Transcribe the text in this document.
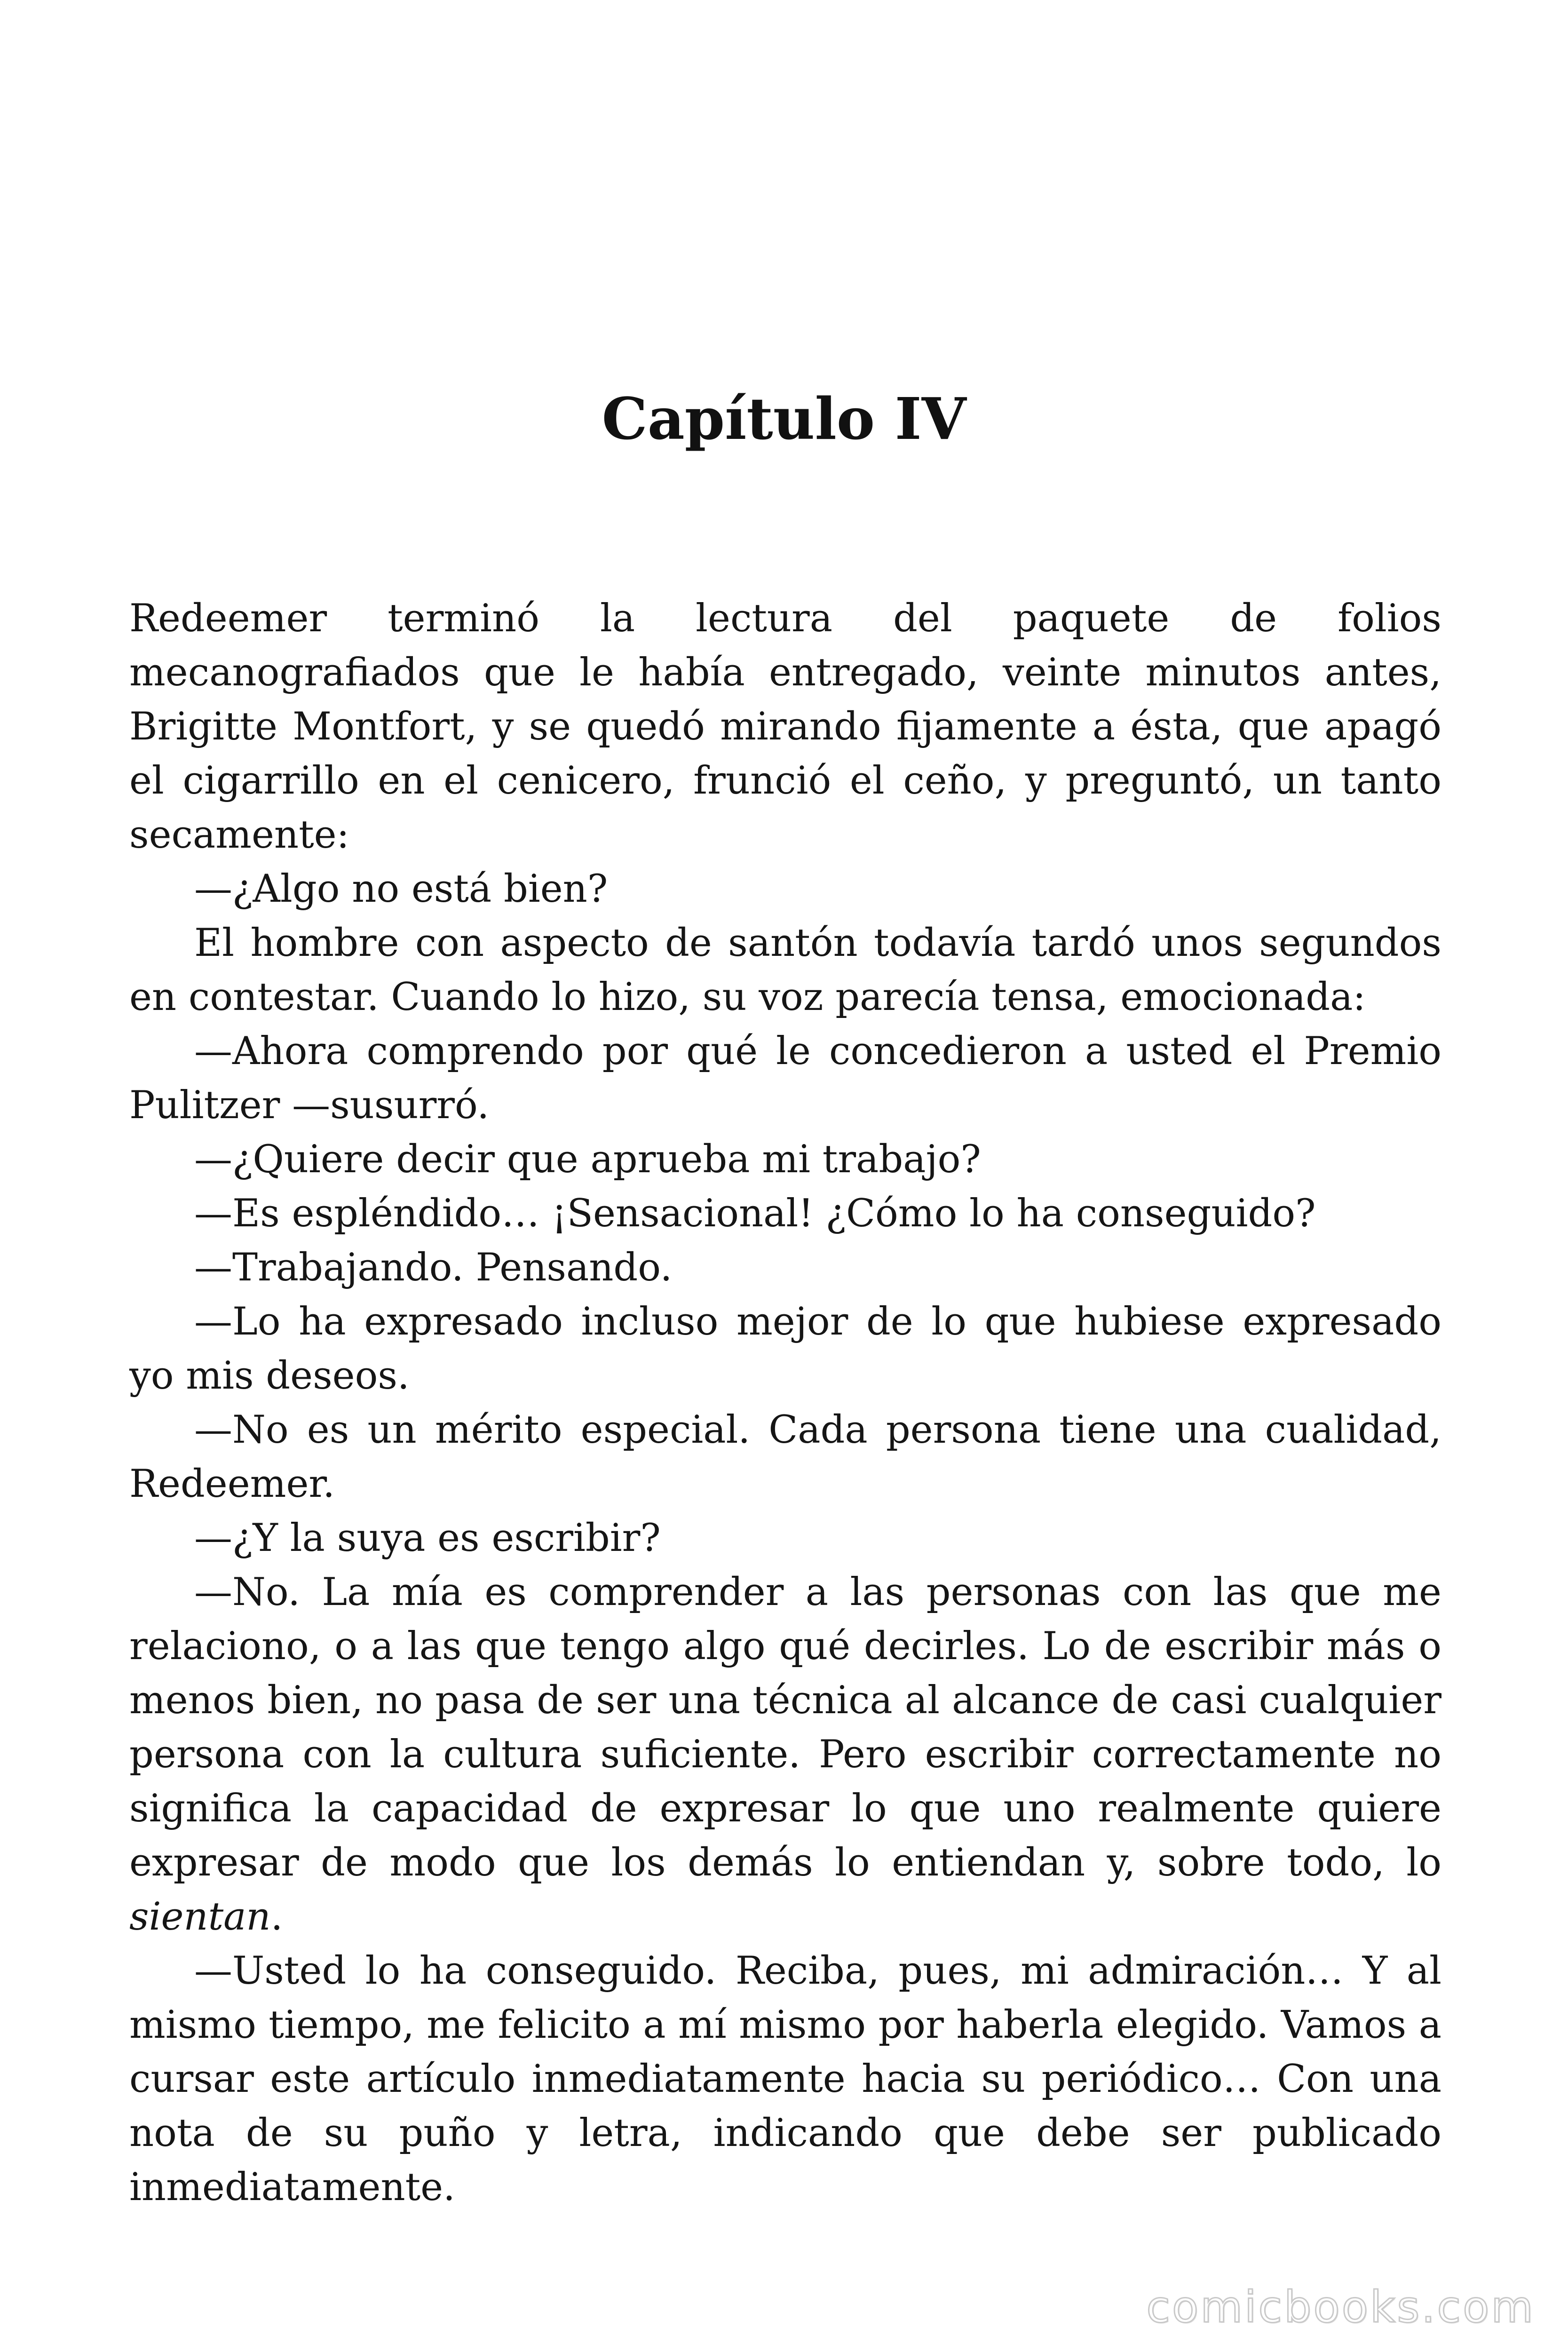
Capítulo IV

Redeemer terminó la lectura del paquete de folios mecanografiados que le había entregado, veinte minutos antes, Brigitte Montfort, y se quedó mirando fijamente a ésta, que apagó el cigarrillo en el cenicero, frunció el ceño, y preguntó, un tanto secamente:

—¿Algo no está bien?

El hombre con aspecto de santón todavía tardó unos segundos en contestar. Cuando lo hizo, su voz parecía tensa, emocionada:

—Ahora comprendo por qué le concedieron a usted el Premio Pulitzer —susurró.

—¿Quiere decir que aprueba mi trabajo?

—Es espléndido… ¡Sensacional! ¿Cómo lo ha conseguido?

—Trabajando. Pensando.

—Lo ha expresado incluso mejor de lo que hubiese expresado yo mis deseos.

—No es un mérito especial. Cada persona tiene una cualidad, Redeemer.

—¿Y la suya es escribir?

—No. La mía es comprender a las personas con las que me relaciono, o a las que tengo algo qué decirles. Lo de escribir más o menos bien, no pasa de ser una técnica al alcance de casi cualquier persona con la cultura suficiente. Pero escribir correctamente no significa la capacidad de expresar lo que uno realmente quiere expresar de modo que los demás lo entiendan y, sobre todo, lo sientan.

—Usted lo ha conseguido. Reciba, pues, mi admiración… Y al mismo tiempo, me felicito a mí mismo por haberla elegido. Vamos a cursar este artículo inmediatamente hacia su periódico… Con una nota de su puño y letra, indicando que debe ser publicado inmediatamente.

comicbooks.com
